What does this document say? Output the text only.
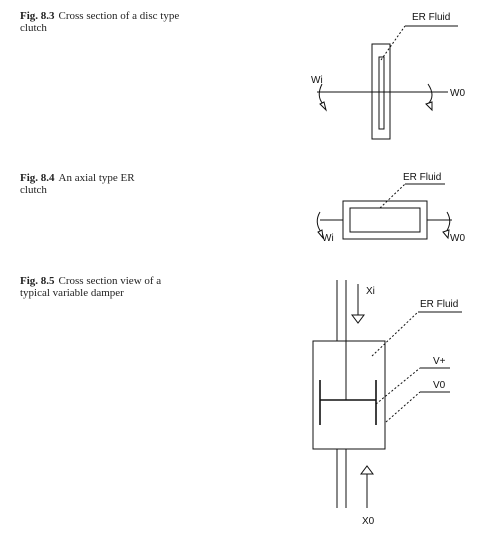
Fig. 8.3 Cross section of a disc type clutch
Fig. 8.4 An axial type ER clutch
Fig. 8.5 Cross section view of a typical variable damper
ER Fluid
Wi
W0
ER Fluid
Wi	W0
Xi
ER Fluid
V+
V0
X0
